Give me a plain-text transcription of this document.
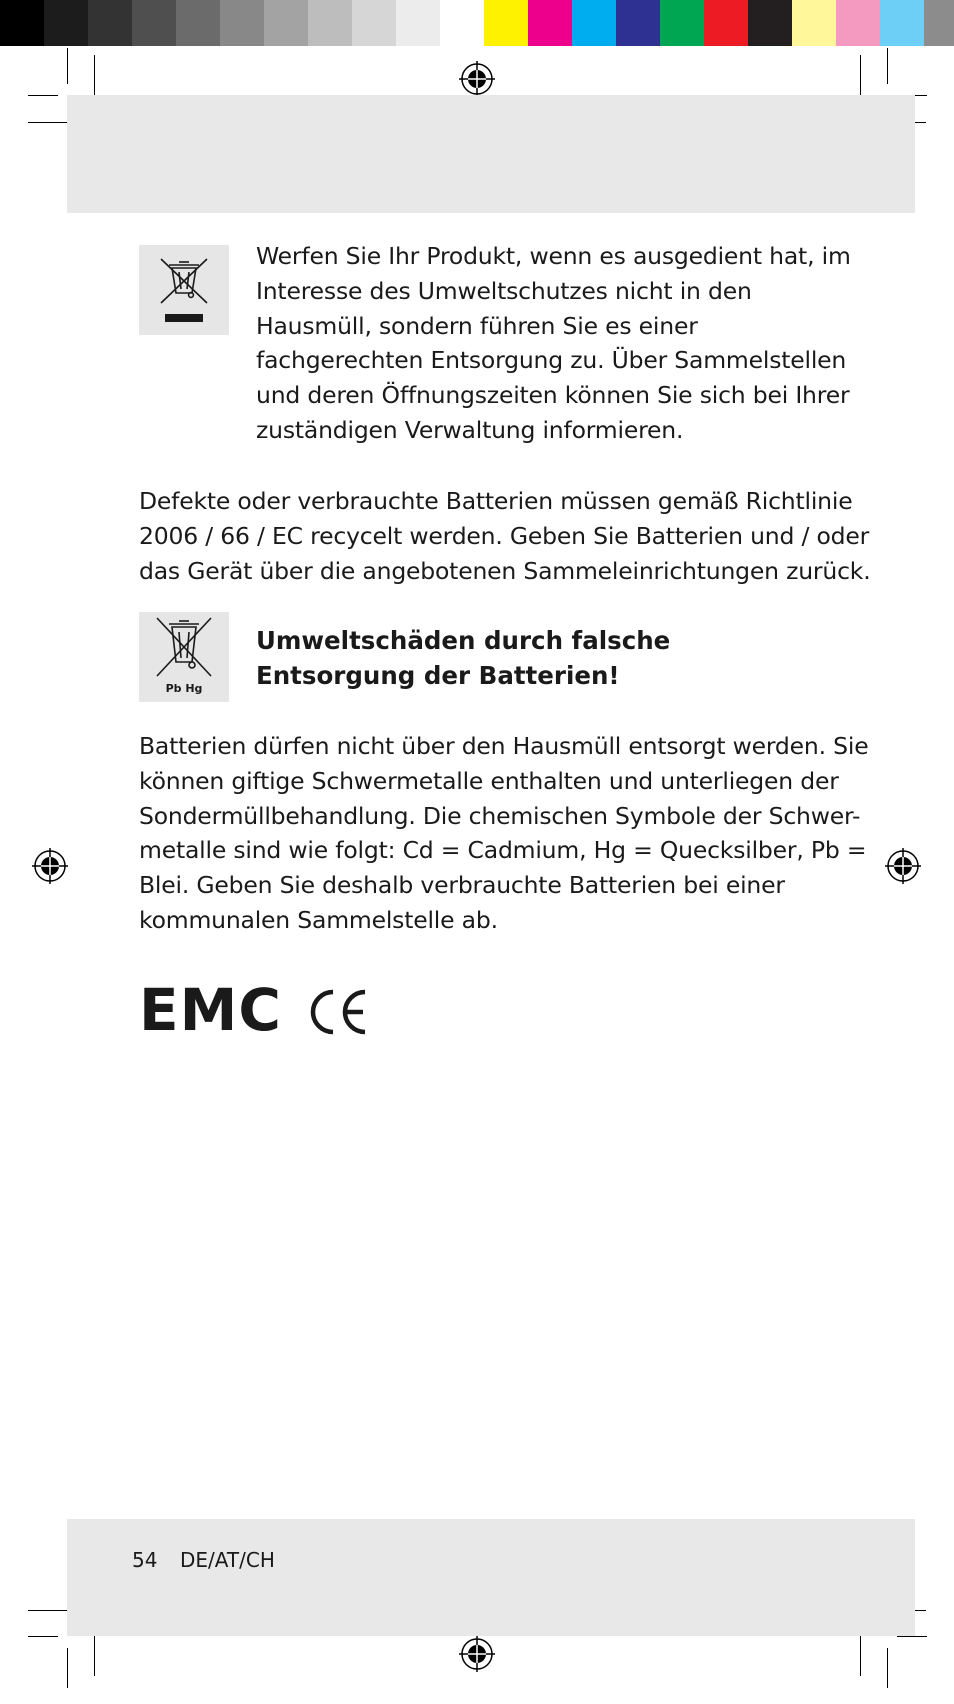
Werfen Sie Ihr Produkt, wenn es ausgedient hat, im Interesse des Umweltschutzes nicht in den Hausmüll, sondern führen Sie es einer fachgerechten Entsorgung zu. Über Sammelstellen und deren Öffnungszeiten können Sie sich bei Ihrer zuständigen Verwaltung informieren.

Defekte oder verbrauchte Batterien müssen gemäß Richtlinie 2006 / 66 / EC recycelt werden. Geben Sie Batterien und / oder das Gerät über die angebotenen Sammeleinrichtungen zurück.

Pb Hg

Umweltschäden durch falsche Entsorgung der Batterien!

Batterien dürfen nicht über den Hausmüll entsorgt werden. Sie können giftige Schwermetalle enthalten und unterliegen der Sondermüllbehandlung. Die chemischen Symbole der Schwer-metalle sind wie folgt: Cd = Cadmium, Hg = Quecksilber, Pb = Blei. Geben Sie deshalb verbrauchte Batterien bei einer kommunalen Sammelstelle ab.

EMC
54 DE/AT/CH
